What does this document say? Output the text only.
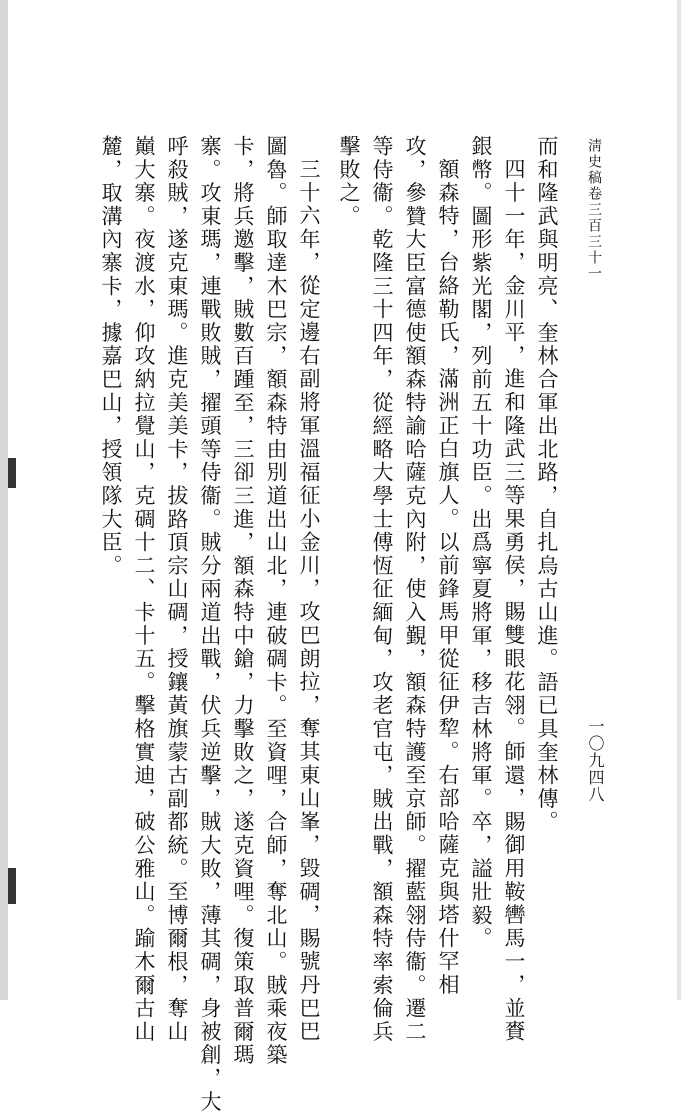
淸史稿卷三百三十一
一〇九四八
而和隆武與明亮、奎林合軍出北路，自扎烏古山進。語已具奎林傳。
四十一年，金川平，進和隆武三等果勇侯，賜雙眼花翎。師還，賜御用鞍轡馬一，並賚
銀幣。圖形紫光閣，列前五十功臣。出爲寧夏將軍，移吉林將軍。卒，謚壯毅。
額森特，台絡勒氏，滿洲正白旗人。以前鋒馬甲從征伊犂。右部哈薩克與塔什罕相
攻，參贊大臣富德使額森特諭哈薩克內附，使入覲，額森特護至京師。擢藍翎侍衞。遷二
等侍衞。乾隆三十四年，從經略大學士傅恆征緬甸，攻老官屯，賊出戰，額森特率索倫兵
擊敗之。
三十六年，從定邊右副將軍溫福征小金川，攻巴朗拉，奪其東山峯，毀碉，賜號丹巴巴
圖魯。師取達木巴宗，額森特由別道出山北，連破碉卡。至資哩，合師，奪北山。賊乘夜築
卡，將兵邀擊，賊數百踵至，三卻三進，額森特中鎗，力擊敗之，遂克資哩。復策取普爾瑪
寨。攻東瑪，連戰敗賊，擢頭等侍衞。賊分兩道出戰，伏兵逆擊，賊大敗，薄其碉，身被創，大
呼殺賊，遂克東瑪。進克美美卡，拔路頂宗山碉，授鑲黃旗蒙古副都統。至博爾根，奪山
巔大寨。夜渡水，仰攻納拉覺山，克碉十二、卡十五。擊格實迪，破公雅山。踰木爾古山
麓，取溝內寨卡，據嘉巴山，授領隊大臣。
